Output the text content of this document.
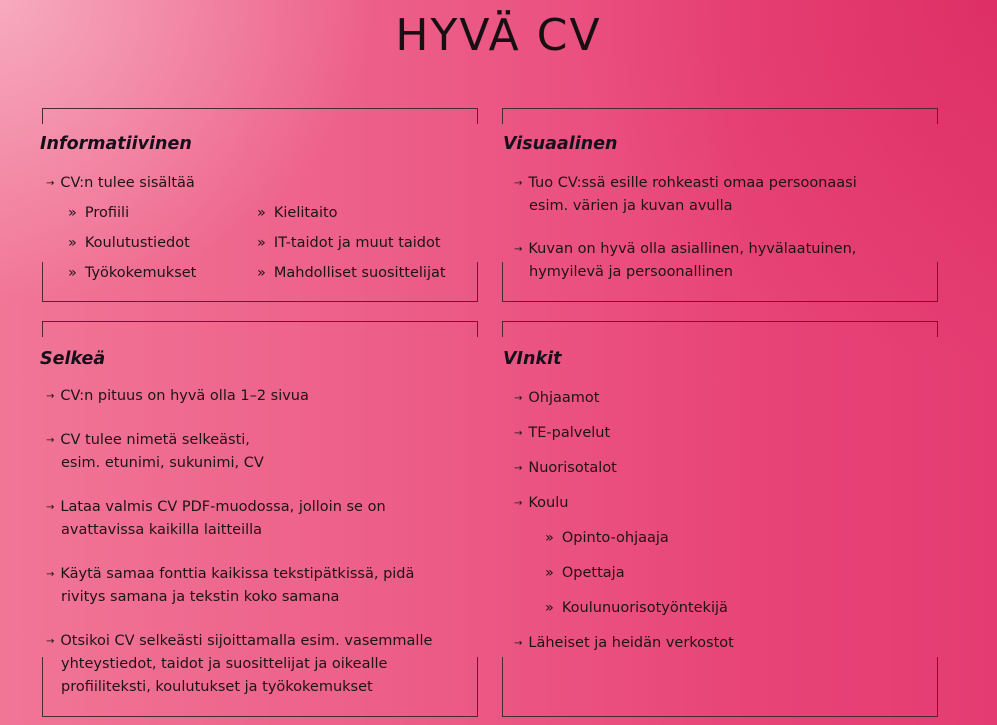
HYVÄ CV
Informatiivinen
→ CV:n tulee sisältää
» Profiili
» Koulutustiedot
» Työkokemukset
» Kielitaito
» IT-taidot ja muut taidot
» Mahdolliset suosittelijat
Visuaalinen
→ Tuo CV:ssä esille rohkeasti omaa persoonaasi
esim. värien ja kuvan avulla
→ Kuvan on hyvä olla asiallinen, hyvälaatuinen,
hymyilevä ja persoonallinen
Selkeä
→ CV:n pituus on hyvä olla 1–2 sivua
→ CV tulee nimetä selkeästi,
esim. etunimi, sukunimi, CV
→ Lataa valmis CV PDF-muodossa, jolloin se on
avattavissa kaikilla laitteilla
→ Käytä samaa fonttia kaikissa tekstipätkissä, pidä
rivitys samana ja tekstin koko samana
→ Otsikoi CV selkeästi sijoittamalla esim. vasemmalle
yhteystiedot, taidot ja suosittelijat ja oikealle
profiiliteksti, koulutukset ja työkokemukset
VInkit
→ Ohjaamot
→ TE-palvelut
→ Nuorisotalot
→ Koulu
» Opinto-ohjaaja
» Opettaja
» Koulunuorisotyöntekijä
→ Läheiset ja heidän verkostot
